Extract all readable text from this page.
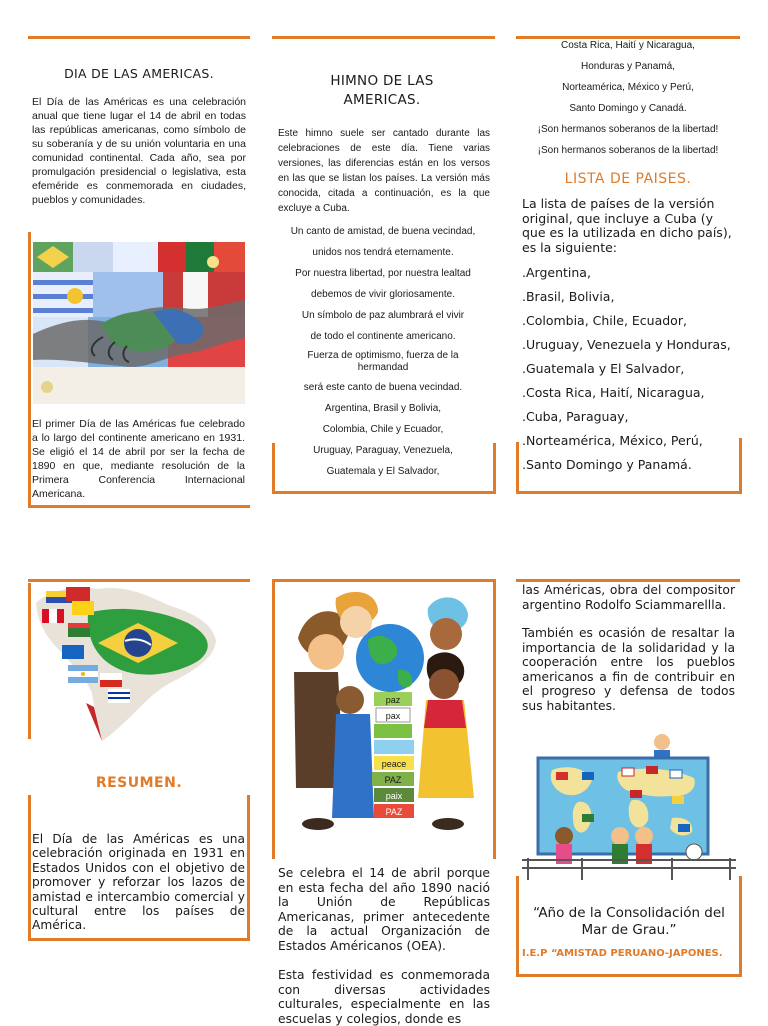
DIA DE LAS AMERICAS.
El Día de las Américas es una celebración anual que tiene lugar el 14 de abril en todas las repúblicas americanas, como símbolo de su soberanía y de su unión voluntaria en una comunidad continental. Cada año, sea por promulgación presidencial o legislativa, esta efeméride es conmemorada en ciudades, pueblos y comunidades.
El primer Día de las Américas fue celebrado a lo largo del continente americano en 1931. Se eligió el 14 de abril por ser la fecha de 1890 en que, mediante resolución de la Primera Conferencia Internacional Americana.
HIMNO DE LAS AMERICAS.
Este himno suele ser cantado durante las celebraciones de este día. Tiene varias versiones, las diferencias están en los versos en las que se listan los países. La versión más conocida, citada a continuación, es la que excluye a Cuba.
Un canto de amistad, de buena vecindad,
unidos nos tendrá eternamente.
Por nuestra libertad, por nuestra lealtad
debemos de vivir gloriosamente.
Un símbolo de paz alumbrará el vivir
de todo el continente americano.
Fuerza de optimismo, fuerza de la hermandad
será este canto de buena vecindad.
Argentina, Brasil y Bolivia,
Colombia, Chile y Ecuador,
Uruguay, Paraguay, Venezuela,
Guatemala y El Salvador,
Costa Rica, Haití y Nicaragua,
Honduras y Panamá,
Norteamérica, México y Perú,
Santo Domingo y Canadá.
¡Son hermanos soberanos de la libertad!
¡Son hermanos soberanos de la libertad!
LISTA DE PAISES.
La lista de países de la versión original, que incluye a Cuba (y que es la utilizada en dicho país), es la siguiente:
.Argentina,
.Brasil, Bolivia,
.Colombia, Chile, Ecuador,
.Uruguay, Venezuela y Honduras,
.Guatemala y El Salvador,
.Costa Rica, Haití, Nicaragua,
.Cuba, Paraguay,
.Norteamérica, México, Perú,
.Santo Domingo y Panamá.
RESUMEN.
El Día de las Américas es una celebración originada en 1931 en Estados Unidos con el objetivo de promover y reforzar los lazos de amistad e intercambio comercial y cultural entre los países de América.
paz
pax
peace
PAZ
paix
PAZ
Se celebra el 14 de abril porque en esta fecha del año 1890 nació la Unión de Repúblicas Americanas, primer antecedente de la actual Organización de Estados Américanos (OEA).
Esta festividad es conmemorada con diversas actividades culturales, especialmente en las escuelas y colegios, donde es
las Américas, obra del compositor argentino Rodolfo Sciammarellla.
También es ocasión de resaltar la importancia de la solidaridad y la cooperación entre los pueblos americanos a fin de contribuir en el progreso y defensa de todos sus habitantes.
“Año de la Consolidación del Mar de Grau.”
I.E.P “AMISTAD PERUANO-JAPONES.
